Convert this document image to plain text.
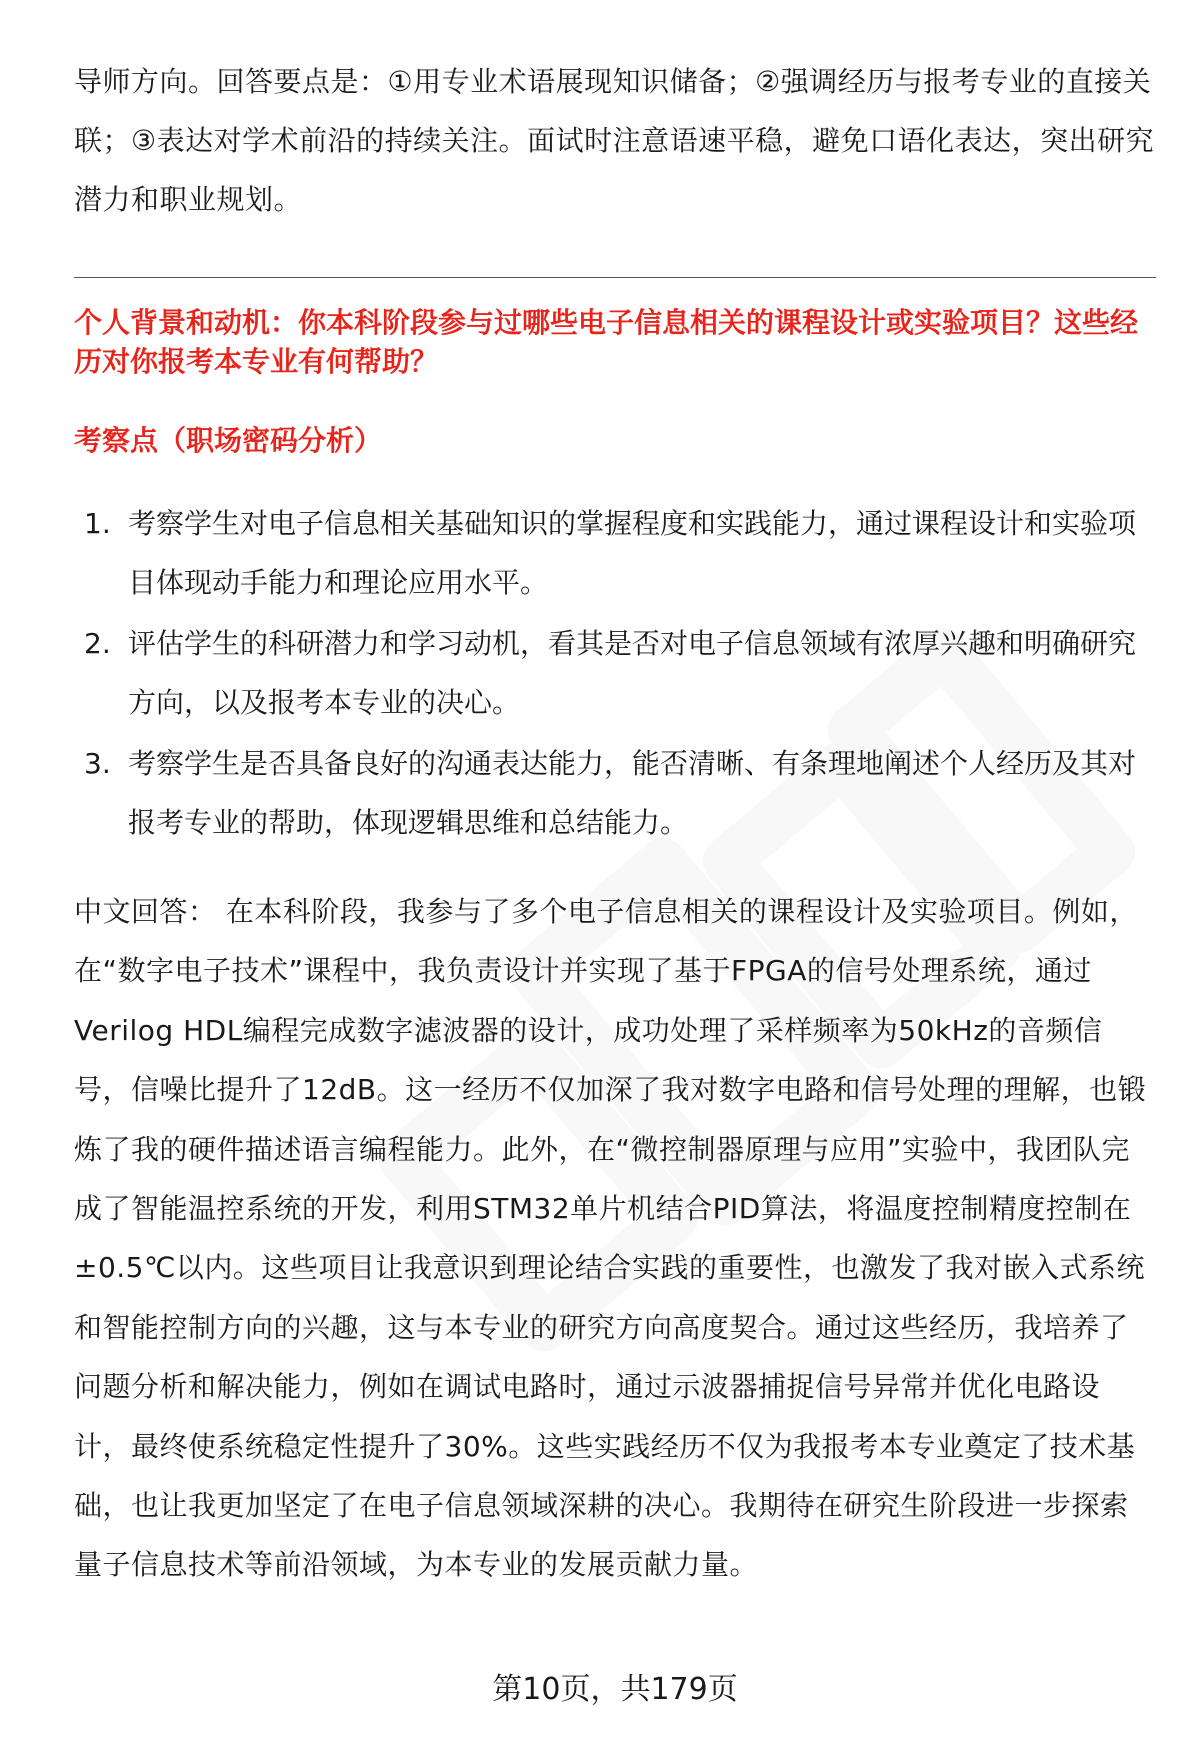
导师方向。回答要点是：①用专业术语展现知识储备；②强调经历与报考专业的直接关联；③表达对学术前沿的持续关注。面试时注意语速平稳，避免口语化表达，突出研究潜力和职业规划。

个人背景和动机：你本科阶段参与过哪些电子信息相关的课程设计或实验项目？这些经历对你报考本专业有何帮助？

考察点（职场密码分析）

1. 考察学生对电子信息相关基础知识的掌握程度和实践能力，通过课程设计和实验项目体现动手能力和理论应用水平。
2. 评估学生的科研潜力和学习动机，看其是否对电子信息领域有浓厚兴趣和明确研究方向，以及报考本专业的决心。
3. 考察学生是否具备良好的沟通表达能力，能否清晰、有条理地阐述个人经历及其对报考专业的帮助，体现逻辑思维和总结能力。

中文回答： 在本科阶段，我参与了多个电子信息相关的课程设计及实验项目。例如，在“数字电子技术”课程中，我负责设计并实现了基于FPGA的信号处理系统，通过Verilog HDL编程完成数字滤波器的设计，成功处理了采样频率为50kHz的音频信号，信噪比提升了12dB。这一经历不仅加深了我对数字电路和信号处理的理解，也锻炼了我的硬件描述语言编程能力。此外，在“微控制器原理与应用”实验中，我团队完成了智能温控系统的开发，利用STM32单片机结合PID算法，将温度控制精度控制在±0.5℃以内。这些项目让我意识到理论结合实践的重要性，也激发了我对嵌入式系统和智能控制方向的兴趣，这与本专业的研究方向高度契合。通过这些经历，我培养了问题分析和解决能力，例如在调试电路时，通过示波器捕捉信号异常并优化电路设计，最终使系统稳定性提升了30%。这些实践经历不仅为我报考本专业奠定了技术基础，也让我更加坚定了在电子信息领域深耕的决心。我期待在研究生阶段进一步探索量子信息技术等前沿领域，为本专业的发展贡献力量。

第10页，共179页
